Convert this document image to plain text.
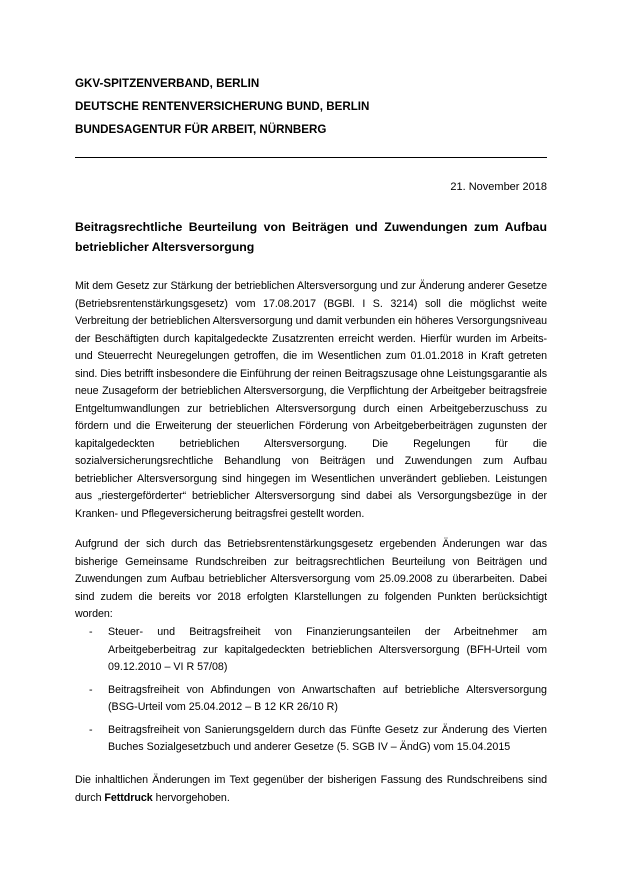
GKV-SPITZENVERBAND, BERLIN
DEUTSCHE RENTENVERSICHERUNG BUND, BERLIN
BUNDESAGENTUR FÜR ARBEIT, NÜRNBERG
21. November 2018
Beitragsrechtliche Beurteilung von Beiträgen und Zuwendungen zum Aufbau betrieblicher Altersversorgung

Mit dem Gesetz zur Stärkung der betrieblichen Altersversorgung und zur Änderung anderer Gesetze (Betriebsrentenstärkungsgesetz) vom 17.08.2017 (BGBl. I S. 3214) soll die möglichst weite Verbreitung der betrieblichen Altersversorgung und damit verbunden ein höheres Versorgungsniveau der Beschäftigten durch kapitalgedeckte Zusatzrenten erreicht werden. Hierfür wurden im Arbeits- und Steuerrecht Neuregelungen getroffen, die im Wesentlichen zum 01.01.2018 in Kraft getreten sind. Dies betrifft insbesondere die Einführung der reinen Beitragszusage ohne Leistungsgarantie als neue Zusageform der betrieblichen Altersversorgung, die Verpflichtung der Arbeitgeber beitragsfreie Entgeltumwandlungen zur betrieblichen Altersversorgung durch einen Arbeitgeberzuschuss zu fördern und die Erweiterung der steuerlichen Förderung von Arbeitgeberbeiträgen zugunsten der kapitalgedeckten betrieblichen Altersversorgung. Die Regelungen für die sozialversicherungsrechtliche Behandlung von Beiträgen und Zuwendungen zum Aufbau betrieblicher Altersversorgung sind hingegen im Wesentlichen unverändert geblieben. Leistungen aus „riestergeförderter“ betrieblicher Altersversorgung sind dabei als Versorgungsbezüge in der Kranken- und Pflegeversicherung beitragsfrei gestellt worden.

Aufgrund der sich durch das Betriebsrentenstärkungsgesetz ergebenden Änderungen war das bisherige Gemeinsame Rundschreiben zur beitragsrechtlichen Beurteilung von Beiträgen und Zuwendungen zum Aufbau betrieblicher Altersversorgung vom 25.09.2008 zu überarbeiten. Dabei sind zudem die bereits vor 2018 erfolgten Klarstellungen zu folgenden Punkten berücksichtigt worden:

- Steuer- und Beitragsfreiheit von Finanzierungsanteilen der Arbeitnehmer am Arbeitgeberbeitrag zur kapitalgedeckten betrieblichen Altersversorgung (BFH-Urteil vom 09.12.2010 – VI R 57/08)
- Beitragsfreiheit von Abfindungen von Anwartschaften auf betriebliche Altersversorgung (BSG-Urteil vom 25.04.2012 – B 12 KR 26/10 R)
- Beitragsfreiheit von Sanierungsgeldern durch das Fünfte Gesetz zur Änderung des Vierten Buches Sozialgesetzbuch und anderer Gesetze (5. SGB IV – ÄndG) vom 15.04.2015

Die inhaltlichen Änderungen im Text gegenüber der bisherigen Fassung des Rundschreibens sind durch Fettdruck hervorgehoben.
